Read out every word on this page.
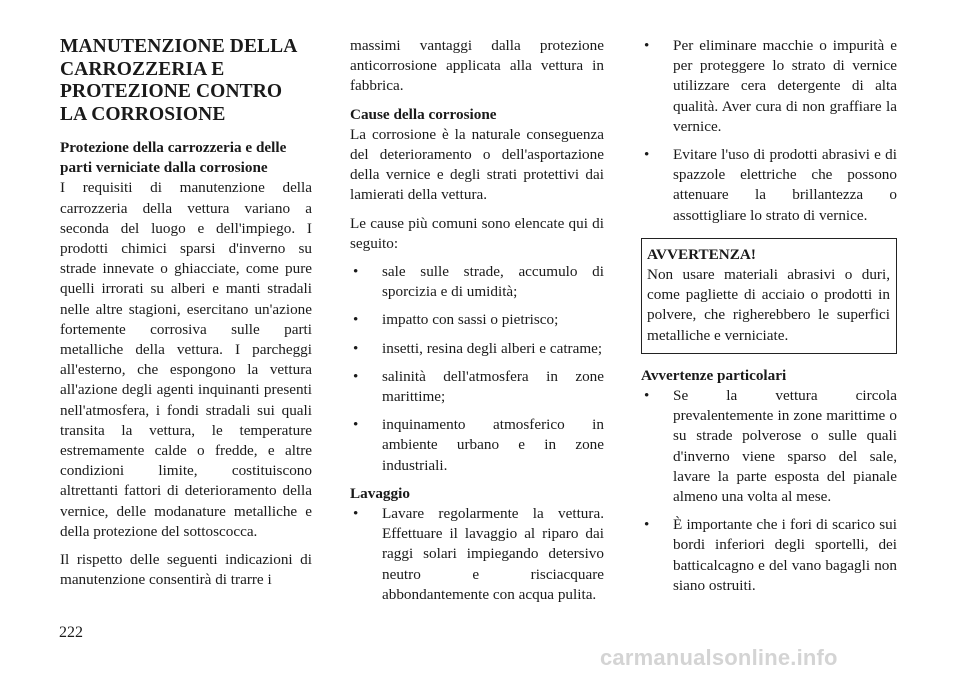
MANUTENZIONE DELLA CARROZZERIA E PROTEZIONE CONTRO LA CORROSIONE
Protezione della carrozzeria e delle parti verniciate dalla corrosione

I requisiti di manutenzione della carrozzeria della vettura variano a seconda del luogo e dell'impiego. I prodotti chimici sparsi d'inverno su strade innevate o ghiacciate, come pure quelli irrorati su alberi e manti stradali nelle altre stagioni, esercitano un'azione fortemente corrosiva sulle parti metalliche della vettura. I parcheggi all'esterno, che espongono la vettura all'azione degli agenti inquinanti presenti nell'atmosfera, i fondi stradali sui quali transita la vettura, le temperature estremamente calde o fredde, e altre condizioni limite, costituiscono altrettanti fattori di deterioramento della vernice, delle modanature metalliche e della protezione del sottoscocca.

Il rispetto delle seguenti indicazioni di manutenzione consentirà di trarre i

massimi vantaggi dalla protezione anticorrosione applicata alla vettura in fabbrica.

Cause della corrosione

La corrosione è la naturale conseguenza del deterioramento o dell'asportazione della vernice e degli strati protettivi dai lamierati della vettura.

Le cause più comuni sono elencate qui di seguito:

• sale sulle strade, accumulo di sporcizia e di umidità;
• impatto con sassi o pietrisco;
• insetti, resina degli alberi e catrame;
• salinità dell'atmosfera in zone marittime;
• inquinamento atmosferico in ambiente urbano e in zone industriali.
Lavaggio
• Lavare regolarmente la vettura. Effettuare il lavaggio al riparo dai raggi solari impiegando detersivo neutro e risciacquare abbondantemente con acqua pulita.
• Per eliminare macchie o impurità e per proteggere lo strato di vernice utilizzare cera detergente di alta qualità. Aver cura di non graffiare la vernice.
• Evitare l'uso di prodotti abrasivi e di spazzole elettriche che possono attenuare la brillantezza o assottigliare lo strato di vernice.
AVVERTENZA!
Non usare materiali abrasivi o duri, come pagliette di acciaio o prodotti in polvere, che righerebbero le superfici metalliche e verniciate.
Avvertenze particolari
• Se la vettura circola prevalentemente in zone marittime o su strade polverose o sulle quali d'inverno viene sparso del sale, lavare la parte esposta del pianale almeno una volta al mese.
• È importante che i fori di scarico sui bordi inferiori degli sportelli, dei batticalcagno e del vano bagagli non siano ostruiti.
222
carmanualsonline.info
